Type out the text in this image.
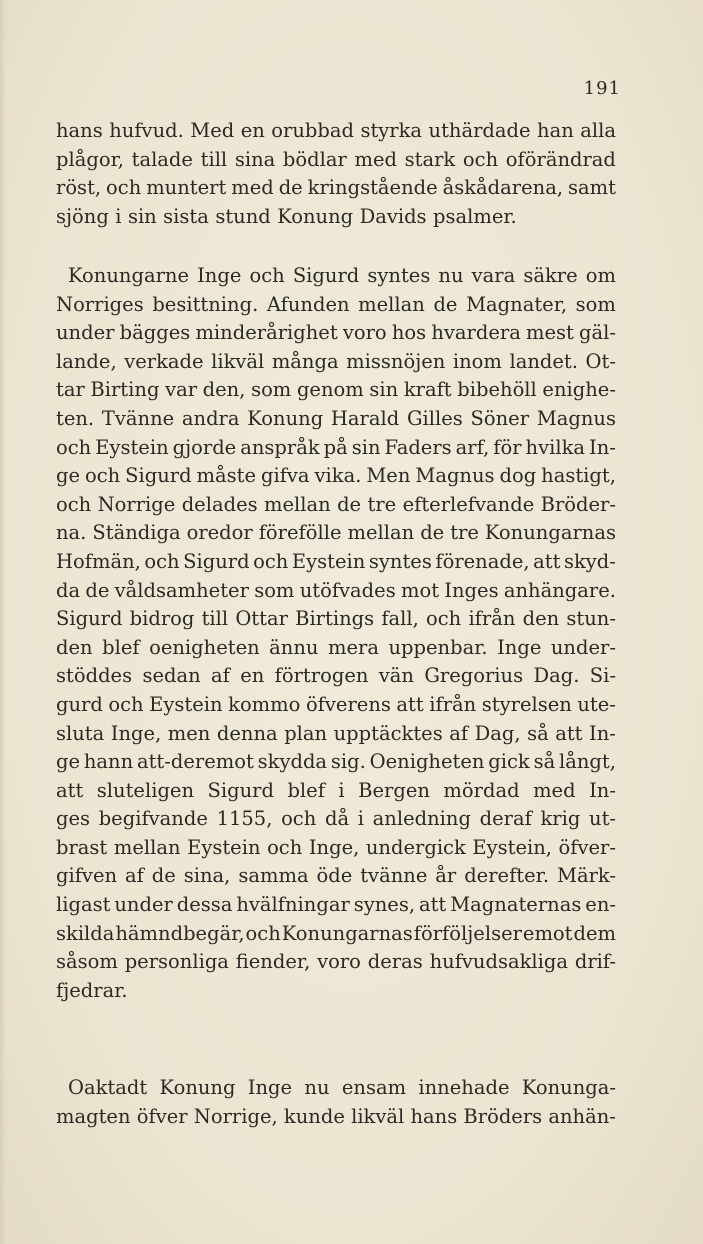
191
hans hufvud. Med en orubbad styrka uthärdade han alla
plågor, talade till sina bödlar med stark och oförändrad
röst, och muntert med de kringstående åskådarena, samt
sjöng i sin sista stund Konung Davids psalmer.
Konungarne Inge och Sigurd syntes nu vara säkre om
Norriges besittning. Afunden mellan de Magnater, som
under bägges minderårighet voro hos hvardera mest gäl-
lande, verkade likväl många missnöjen inom landet. Ot-
tar Birting var den, som genom sin kraft bibehöll enighe-
ten. Tvänne andra Konung Harald Gilles Söner Magnus
och Eystein gjorde anspråk på sin Faders arf, för hvilka In-
ge och Sigurd måste gifva vika. Men Magnus dog hastigt,
och Norrige delades mellan de tre efterlefvande Bröder-
na. Ständiga oredor förefölle mellan de tre Konungarnas
Hofmän, och Sigurd och Eystein syntes förenade, att skyd-
da de våldsamheter som utöfvades mot Inges anhängare.
Sigurd bidrog till Ottar Birtings fall, och ifrån den stun-
den blef oenigheten ännu mera uppenbar. Inge under-
stöddes sedan af en förtrogen vän Gregorius Dag. Si-
gurd och Eystein kommo öfverens att ifrån styrelsen ute-
sluta Inge, men denna plan upptäcktes af Dag, så att In-
ge hann att-deremot skydda sig. Oenigheten gick så långt,
att sluteligen Sigurd blef i Bergen mördad med In-
ges begifvande 1155, och då i anledning deraf krig ut-
brast mellan Eystein och Inge, undergick Eystein, öfver-
gifven af de sina, samma öde tvänne år derefter. Märk-
ligast under dessa hvälfningar synes, att Magnaternas en-
skilda hämndbegär, och Konungarnas förföljelser emot dem
såsom personliga fiender, voro deras hufvudsakliga drif-
fjedrar.
Oaktadt Konung Inge nu ensam innehade Konunga-
magten öfver Norrige, kunde likväl hans Bröders anhän-
